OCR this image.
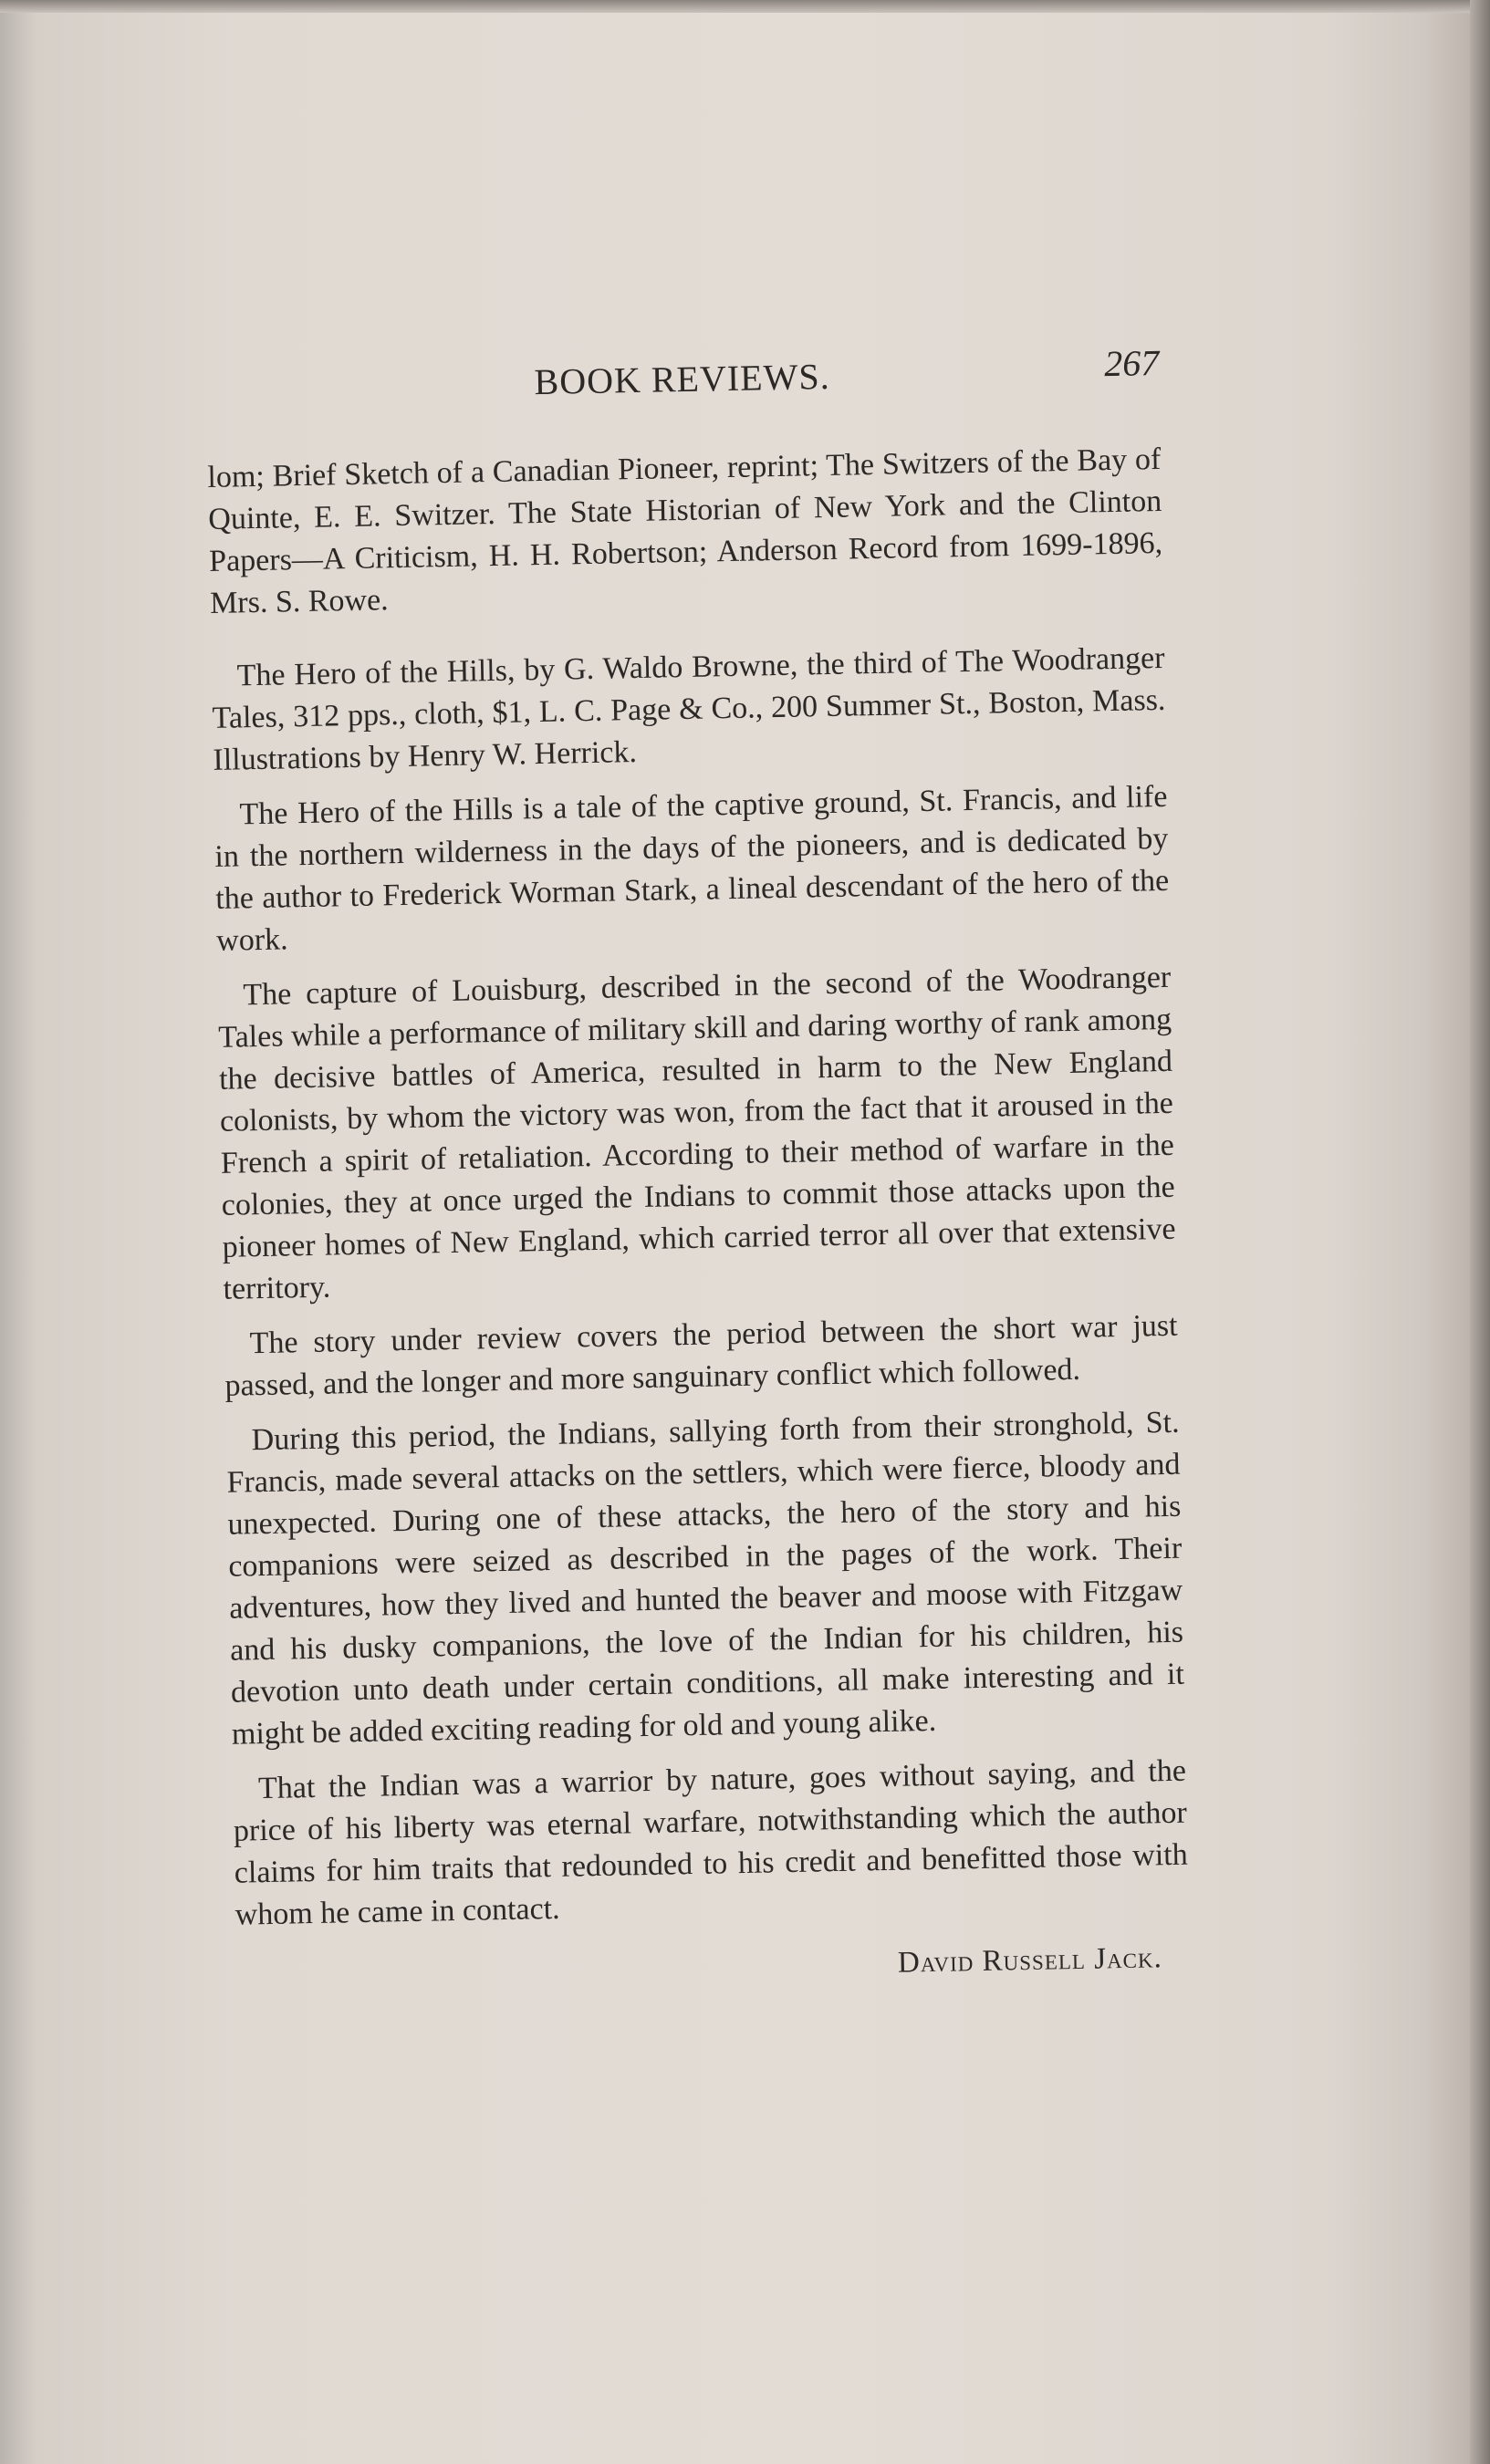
BOOK REVIEWS.	267

lom; Brief Sketch of a Canadian Pioneer, reprint; The Switzers of the Bay of Quinte, E. E. Switzer. The State Historian of New York and the Clinton Papers—A Criticism, H. H. Robertson; Anderson Record from 1699-1896, Mrs. S. Rowe.

The Hero of the Hills, by G. Waldo Browne, the third of The Woodranger Tales, 312 pps., cloth, $1, L. C. Page & Co., 200 Summer St., Boston, Mass. Illustrations by Henry W. Herrick.

The Hero of the Hills is a tale of the captive ground, St. Francis, and life in the northern wilderness in the days of the pioneers, and is dedicated by the author to Frederick Worman Stark, a lineal descendant of the hero of the work.

The capture of Louisburg, described in the second of the Woodranger Tales while a performance of military skill and daring worthy of rank among the decisive battles of America, resulted in harm to the New England colonists, by whom the victory was won, from the fact that it aroused in the French a spirit of retaliation. According to their method of warfare in the colonies, they at once urged the Indians to commit those attacks upon the pioneer homes of New England, which carried terror all over that extensive territory.

The story under review covers the period between the short war just passed, and the longer and more sanguinary conflict which followed.

During this period, the Indians, sallying forth from their stronghold, St. Francis, made several attacks on the settlers, which were fierce, bloody and unexpected. During one of these attacks, the hero of the story and his companions were seized as described in the pages of the work. Their adventures, how they lived and hunted the beaver and moose with Fitzgaw and his dusky companions, the love of the Indian for his children, his devotion unto death under certain conditions, all make interesting and it might be added exciting reading for old and young alike.

That the Indian was a warrior by nature, goes without saying, and the price of his liberty was eternal warfare, notwithstanding which the author claims for him traits that redounded to his credit and benefitted those with whom he came in contact.

David Russell Jack.
